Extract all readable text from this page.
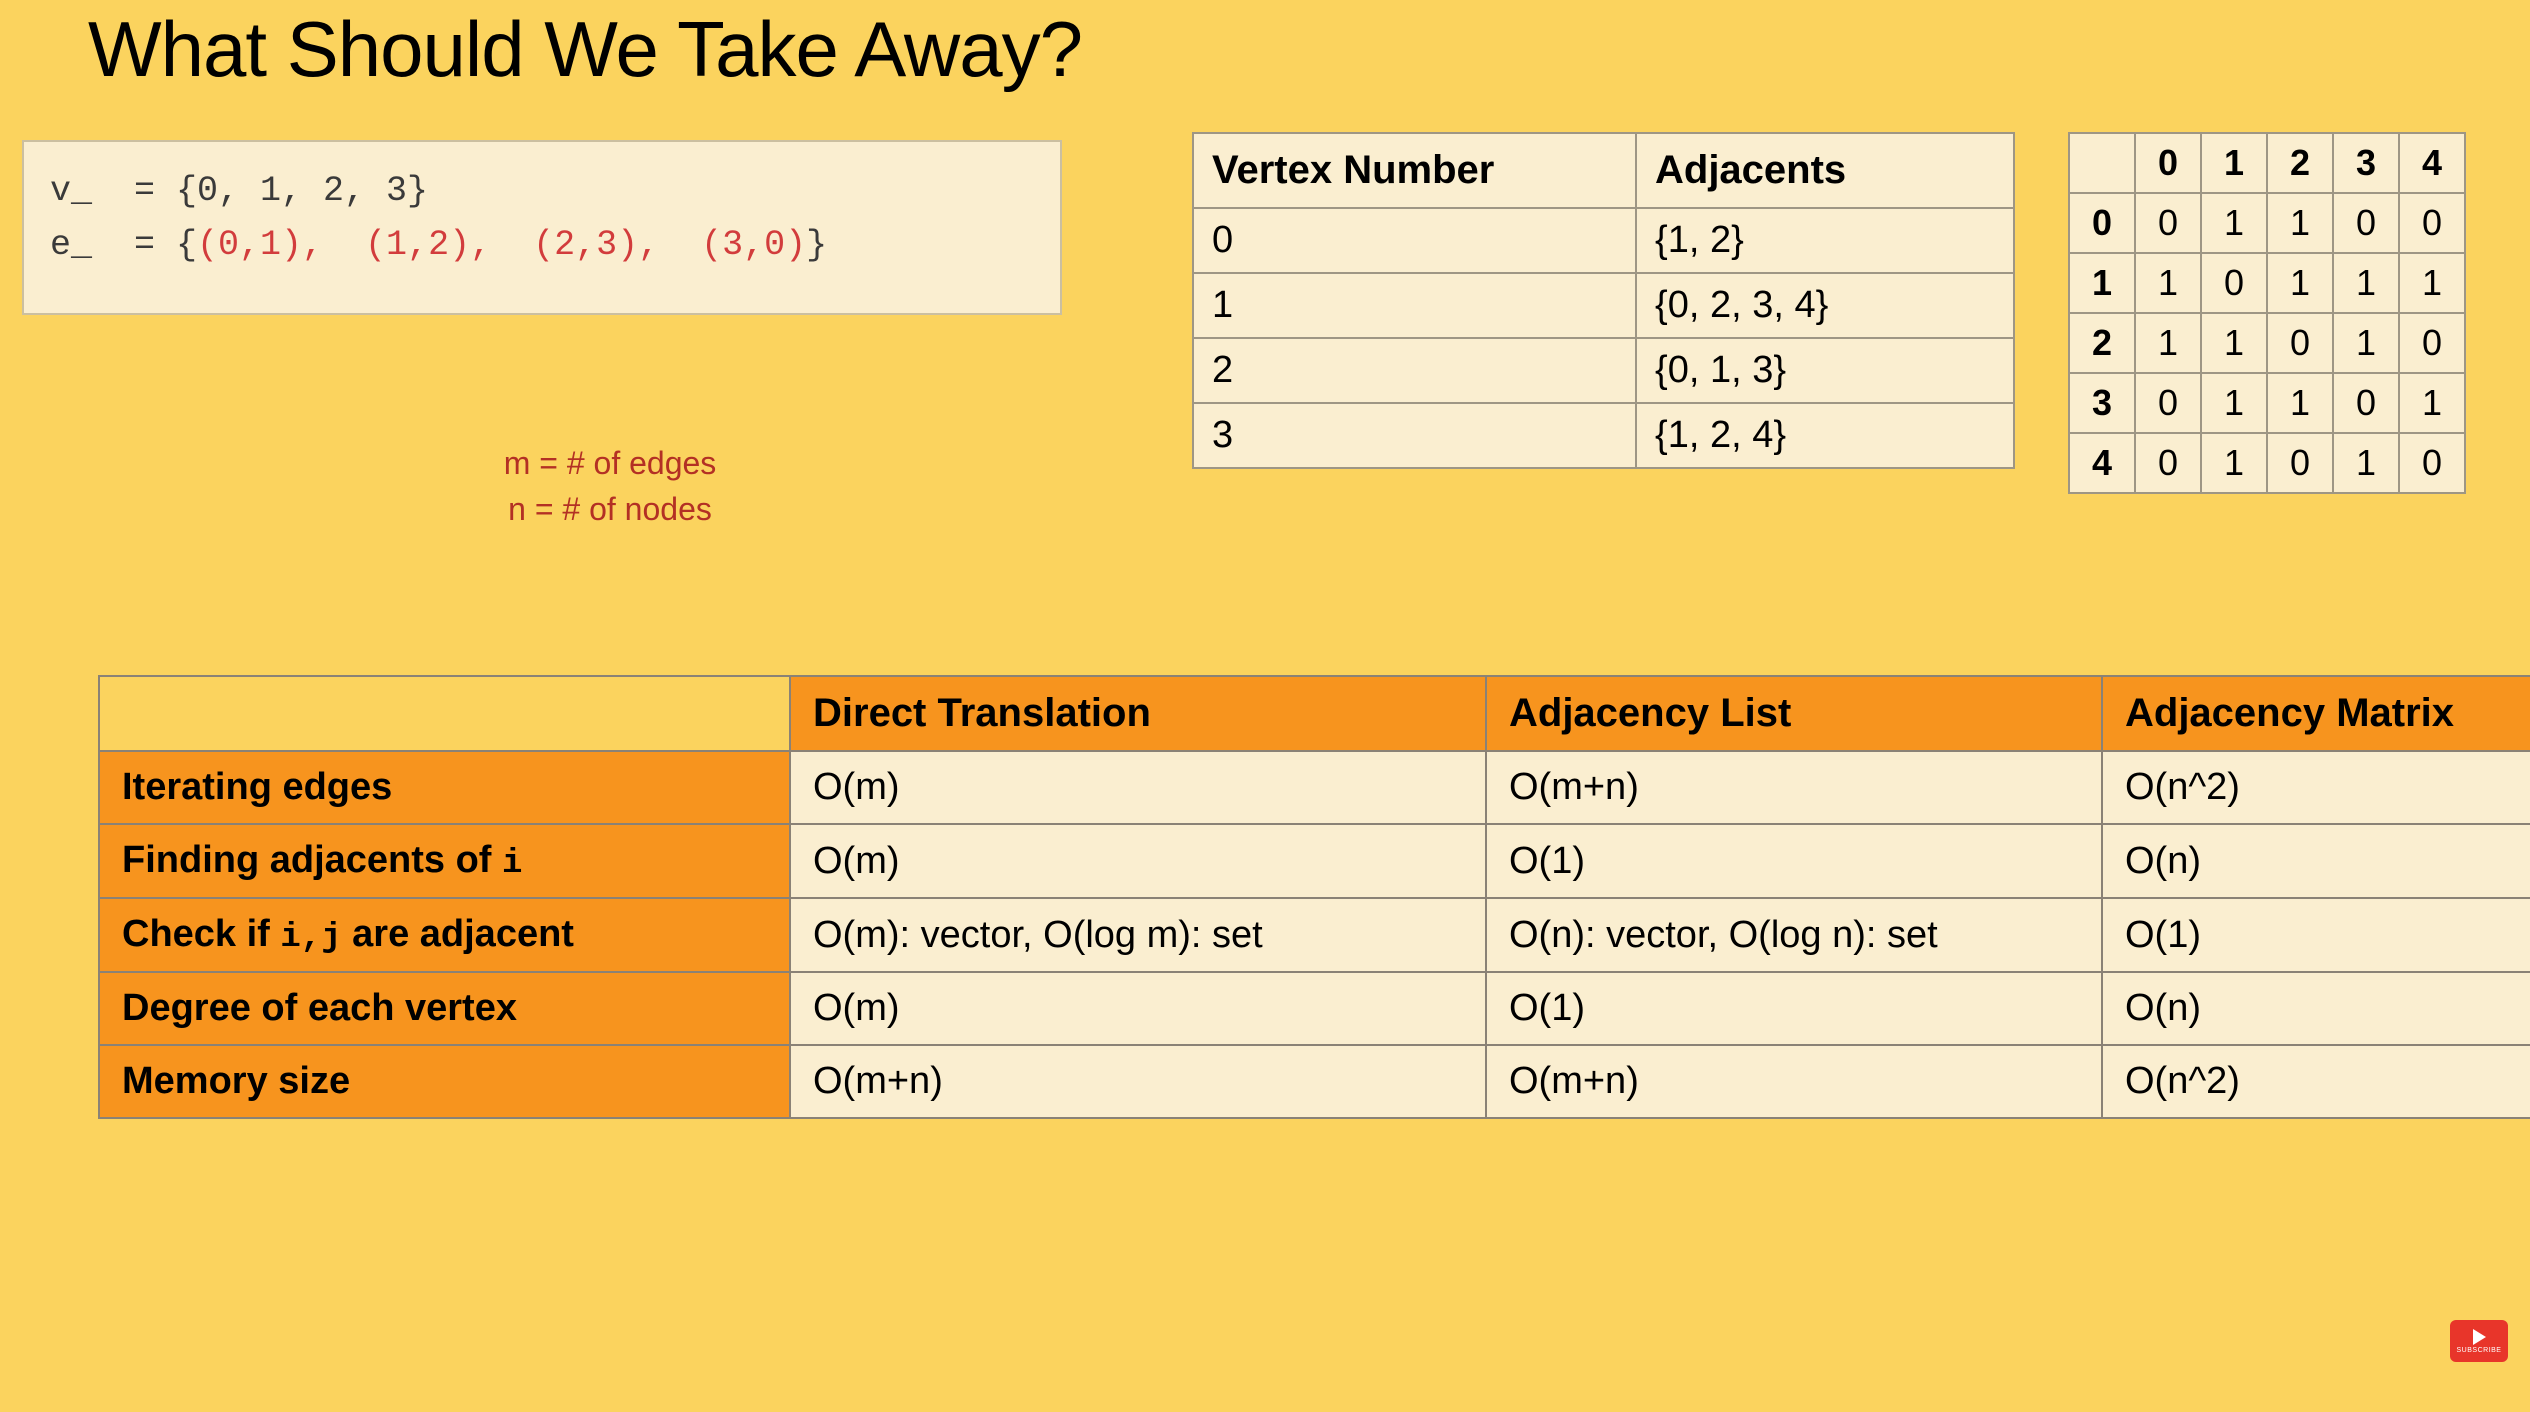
What Should We Take Away?
v_  = {0, 1, 2, 3}
e_  = {(0,1),  (1,2),  (2,3),  (3,0)}
m = # of edges
n = # of nodes
Vertex Number	Adjacents
0	{1, 2}
1	{0, 2, 3, 4}
2	{0, 1, 3}
3	{1, 2, 4}
	0	1	2	3	4
0	0	1	1	0	0
1	1	0	1	1	1
2	1	1	0	1	0
3	0	1	1	0	1
4	0	1	0	1	0
	Direct Translation	Adjacency List	Adjacency Matrix
Iterating edges	O(m)	O(m+n)	O(n^2)
Finding adjacents of i	O(m)	O(1)	O(n)
Check if i,j are adjacent	O(m): vector, O(log m): set	O(n): vector, O(log n): set	O(1)
Degree of each vertex	O(m)	O(1)	O(n)
Memory size	O(m+n)	O(m+n)	O(n^2)
SUBSCRIBE
